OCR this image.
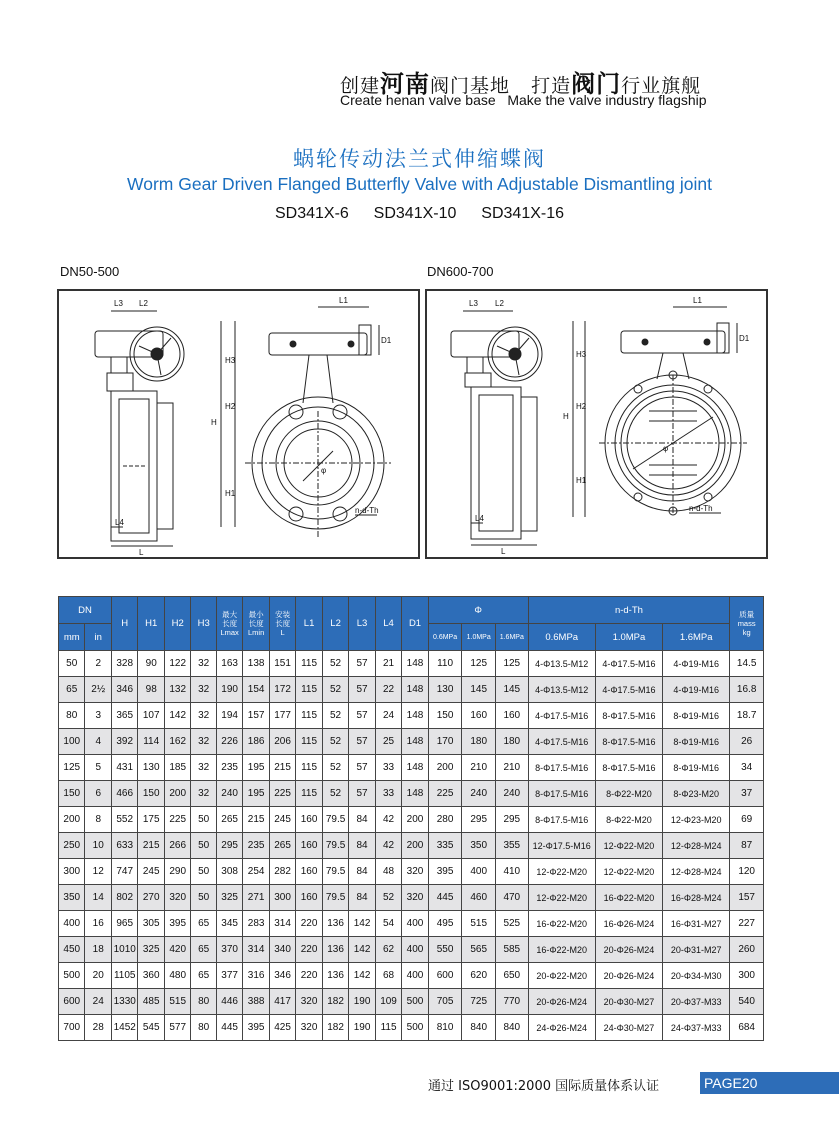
创建河南阀门基地 打造阀门行业旗舰
Create henan valve base   Make the valve industry flagship
蜗轮传动法兰式伸缩蝶阀
Worm Gear Driven Flanged Butterfly Valve with Adjustable Dismantling joint
SD341X-6  SD341X-10  SD341X-16
DN50-500	DN600-700
L3 L2	L1
D1
H3
H2
H
H1
L4
L
n-d-Th
φ
L3 L2	L1
D1
H3
H2
H
H1
L4
L
n-d-Th
φ
DN		H	H1	H2	H3	最大
长度
Lmax	最小
长度
Lmin	安装
长度
L	L1	L2	L3	L4	D1	Φ			n-d-Th			质量
mass
kg
mm	in													0.6MPa	1.0MPa	1.6MPa	0.6MPa	1.0MPa	1.6MPa	
50	2	328	90	122	32	163	138	151	115	52	57	21	148	110	125	125	4-Φ13.5-M12	4-Φ17.5-M16	4-Φ19-M16	14.5
65	2½	346	98	132	32	190	154	172	115	52	57	22	148	130	145	145	4-Φ13.5-M12	4-Φ17.5-M16	4-Φ19-M16	16.8
80	3	365	107	142	32	194	157	177	115	52	57	24	148	150	160	160	4-Φ17.5-M16	8-Φ17.5-M16	8-Φ19-M16	18.7
100	4	392	114	162	32	226	186	206	115	52	57	25	148	170	180	180	4-Φ17.5-M16	8-Φ17.5-M16	8-Φ19-M16	26
125	5	431	130	185	32	235	195	215	115	52	57	33	148	200	210	210	8-Φ17.5-M16	8-Φ17.5-M16	8-Φ19-M16	34
150	6	466	150	200	32	240	195	225	115	52	57	33	148	225	240	240	8-Φ17.5-M16	8-Φ22-M20	8-Φ23-M20	37
200	8	552	175	225	50	265	215	245	160	79.5	84	42	200	280	295	295	8-Φ17.5-M16	8-Φ22-M20	12-Φ23-M20	69
250	10	633	215	266	50	295	235	265	160	79.5	84	42	200	335	350	355	12-Φ17.5-M16	12-Φ22-M20	12-Φ28-M24	87
300	12	747	245	290	50	308	254	282	160	79.5	84	48	320	395	400	410	12-Φ22-M20	12-Φ22-M20	12-Φ28-M24	120
350	14	802	270	320	50	325	271	300	160	79.5	84	52	320	445	460	470	12-Φ22-M20	16-Φ22-M20	16-Φ28-M24	157
400	16	965	305	395	65	345	283	314	220	136	142	54	400	495	515	525	16-Φ22-M20	16-Φ26-M24	16-Φ31-M27	227
450	18	1010	325	420	65	370	314	340	220	136	142	62	400	550	565	585	16-Φ22-M20	20-Φ26-M24	20-Φ31-M27	260
500	20	1105	360	480	65	377	316	346	220	136	142	68	400	600	620	650	20-Φ22-M20	20-Φ26-M24	20-Φ34-M30	300
600	24	1330	485	515	80	446	388	417	320	182	190	109	500	705	725	770	20-Φ26-M24	20-Φ30-M27	20-Φ37-M33	540
700	28	1452	545	577	80	445	395	425	320	182	190	115	500	810	840	840	24-Φ26-M24	24-Φ30-M27	24-Φ37-M33	684
通过 ISO9001:2000 国际质量体系认证	PAGE20
